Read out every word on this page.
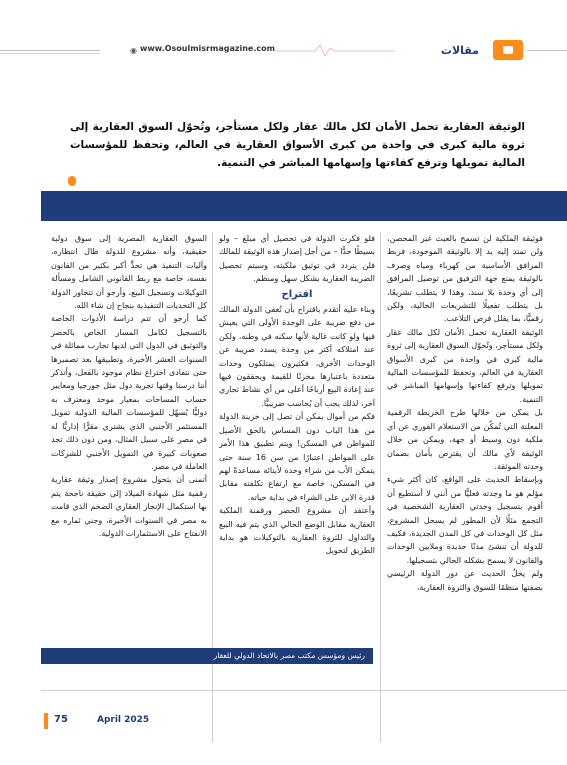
◉ www.Osoulmisrmagazine.com	مقالات
الوثيقة العقارية تحمل الأمان لكل مالك عقار ولكل مستأجر، وتُحوّل السوق العقارية إلى ثروة مالية كبرى في واحدة من كبرى الأسواق العقارية في العالم، وتحفظ للمؤسسات المالية تمويلها وترفع كفاءتها وإسهامها المباشر في التنمية.

فوثيقة الملكية لن تسمح بالعبث غير المحصن، ولن تمتد إليه يد إلا بالوثيقة الموجودة، فربط المرافق الأساسية من كهرباء ومياه وصرف بالوثيقة يمنع جهة الترفيق من توصيل المرافق إلى أي وحدة بلا سند، وهذا لا يتطلب تشريعًا، بل يتطلب تفعيلًا للتشريعات الحالية، ولكن رقميًّا، بما يقلل فرص التلاعب.

الوثيقة العقارية تحمل الأمان لكل مالك عقار ولكل مستأجر، وتُحوّل السوق العقارية إلى ثروة مالية كبرى في واحدة من كبرى الأسواق العقارية في العالم، وتحفظ للمؤسسات المالية تمويلها وترفع كفاءتها وإسهامها المباشر في التنمية.

بل يمكن من خلالها طرح الخريطة الرقمية المعلنة التي تُمكّن من الاستعلام الفوري عن أي ملكية دون وسيط أو جهة، ويمكن من خلال الوثيقة لأي مالك أن يقترض بأمان بضمان وحدته الموثقة.

وبإسقاط الحديث على الواقع، كان أكثر شيء مؤلم هو ما وجدته فعليًّا من أنني لا أستطيع أن أقوم بتسجيل وحدتي العقارية الشخصية في التجمع مثلًا لأن المطور لم يسجل المشروع، مثل كل الوحدات في كل المدن الجديدة، فكيف للدولة أن تنشئ مدنًا جديدة وملايين الوحدات والقانون لا يسمح بشكله الحالي بتسجيلها.

ولم يخلُ الحديث عن دور الدولة الرئيسي بصفتها منظمًا للسوق والثروة العقارية،

فلو فكرت الدولة في تحصيل أي مبلغ – ولو بسيطًا جدًّا – من أجل إصدار هذه الوثيقة للمالك فلن يتردد في توثيق ملكيته، وسيتم تحصيل الضريبة العقارية بشكل سهل ومنظم.

اقتراح

وبناء عليه أتقدم باقتراح بأن تُعفي الدولة المالك من دفع ضريبة على الوحدة الأولى التي يعيش فيها ولو كانت غالية لأنها سكنه في وطنه، ولكن عند امتلاكه أكثر من وحدة يسدد ضريبة عن الوحدات الأخرى، فكثيرون يمتلكون وحدات متعددة باعتبارها مخزنًا للقيمة ويحققون فيها عند إعادة البيع أرباحًا أعلى من أي نشاط تجاري آخر، لذلك يجب أن يُحاسب ضريبيًّا.

فكم من أموال يمكن أن تصل إلى خزينة الدولة من هذا الباب دون المساس بالحق الأصيل للمواطن في المسكن! ويتم تطبيق هذا الأمر على المواطن اعتبارًا من سن 16 سنة حتى يتمكن الأب من شراء وحدة لأبنائه مساعدةً لهم في المسكن، خاصة مع ارتفاع تكلفته مقابل قدرة الابن على الشراء في بداية حياته.

وأعتقد أن مشروع الحصر ورقمنة الملكية العقارية مقابل الوضع الحالي الذي يتم فيه البيع والتداول للثروة العقارية بالتوكيلات هو بداية الطريق لتحويل

السوق العقارية المصرية إلى سوق دولية حقيقية، وأنه مشروع للدولة طال انتظاره، وآليات التنفيذ هي تحدٍّ أكبر بكثير من القانون نفسه، خاصة مع ربط القانوني الشامل ومسألة التوكيلات وتسجيل البيع، وأرجو أن تتجاوز الدولة كل التحديات التنفيذية بنجاح إن شاء الله.

كما أرجو أن تتم دراسة الأدوات الخاصة بالتسجيل لكامل المسار الخاص بالحصر والتوثيق في الدول التي لديها تجارب مماثلة في السنوات العشر الأخيرة، وتطبيقها بعد تصميرها حتى نتفادى اختراع نظام موجود بالفعل، وأتذكر أننا درسنا وقتها تجربة دول مثل جورجيا ومعايير حساب المساحات بمعيار موحد ومعترف به دوليًّا يُسهّل للمؤسسات المالية الدولية تمويل المستثمر الأجنبي الذي يشتري مقرًّا إداريًّا له في مصر على سبيل المثال، ومن دون ذلك تجد صعوبات كبيرة في التمويل الأجنبي للشركات العاملة في مصر.

أتمنى أن يتحول مشروع إصدار وثيقة عقارية رقمية مثل شهادة الميلاد إلى حقيقة ناجحة يتم بها استكمال الإنجاز العقاري الضخم الذي قامت به مصر في السنوات الأخيرة، وجني ثماره مع الانفتاح على الاستثمارات الدولية.

رئيس ومؤسس مكتب مصر بالاتحاد الدولي للعقار
75	April 2025
